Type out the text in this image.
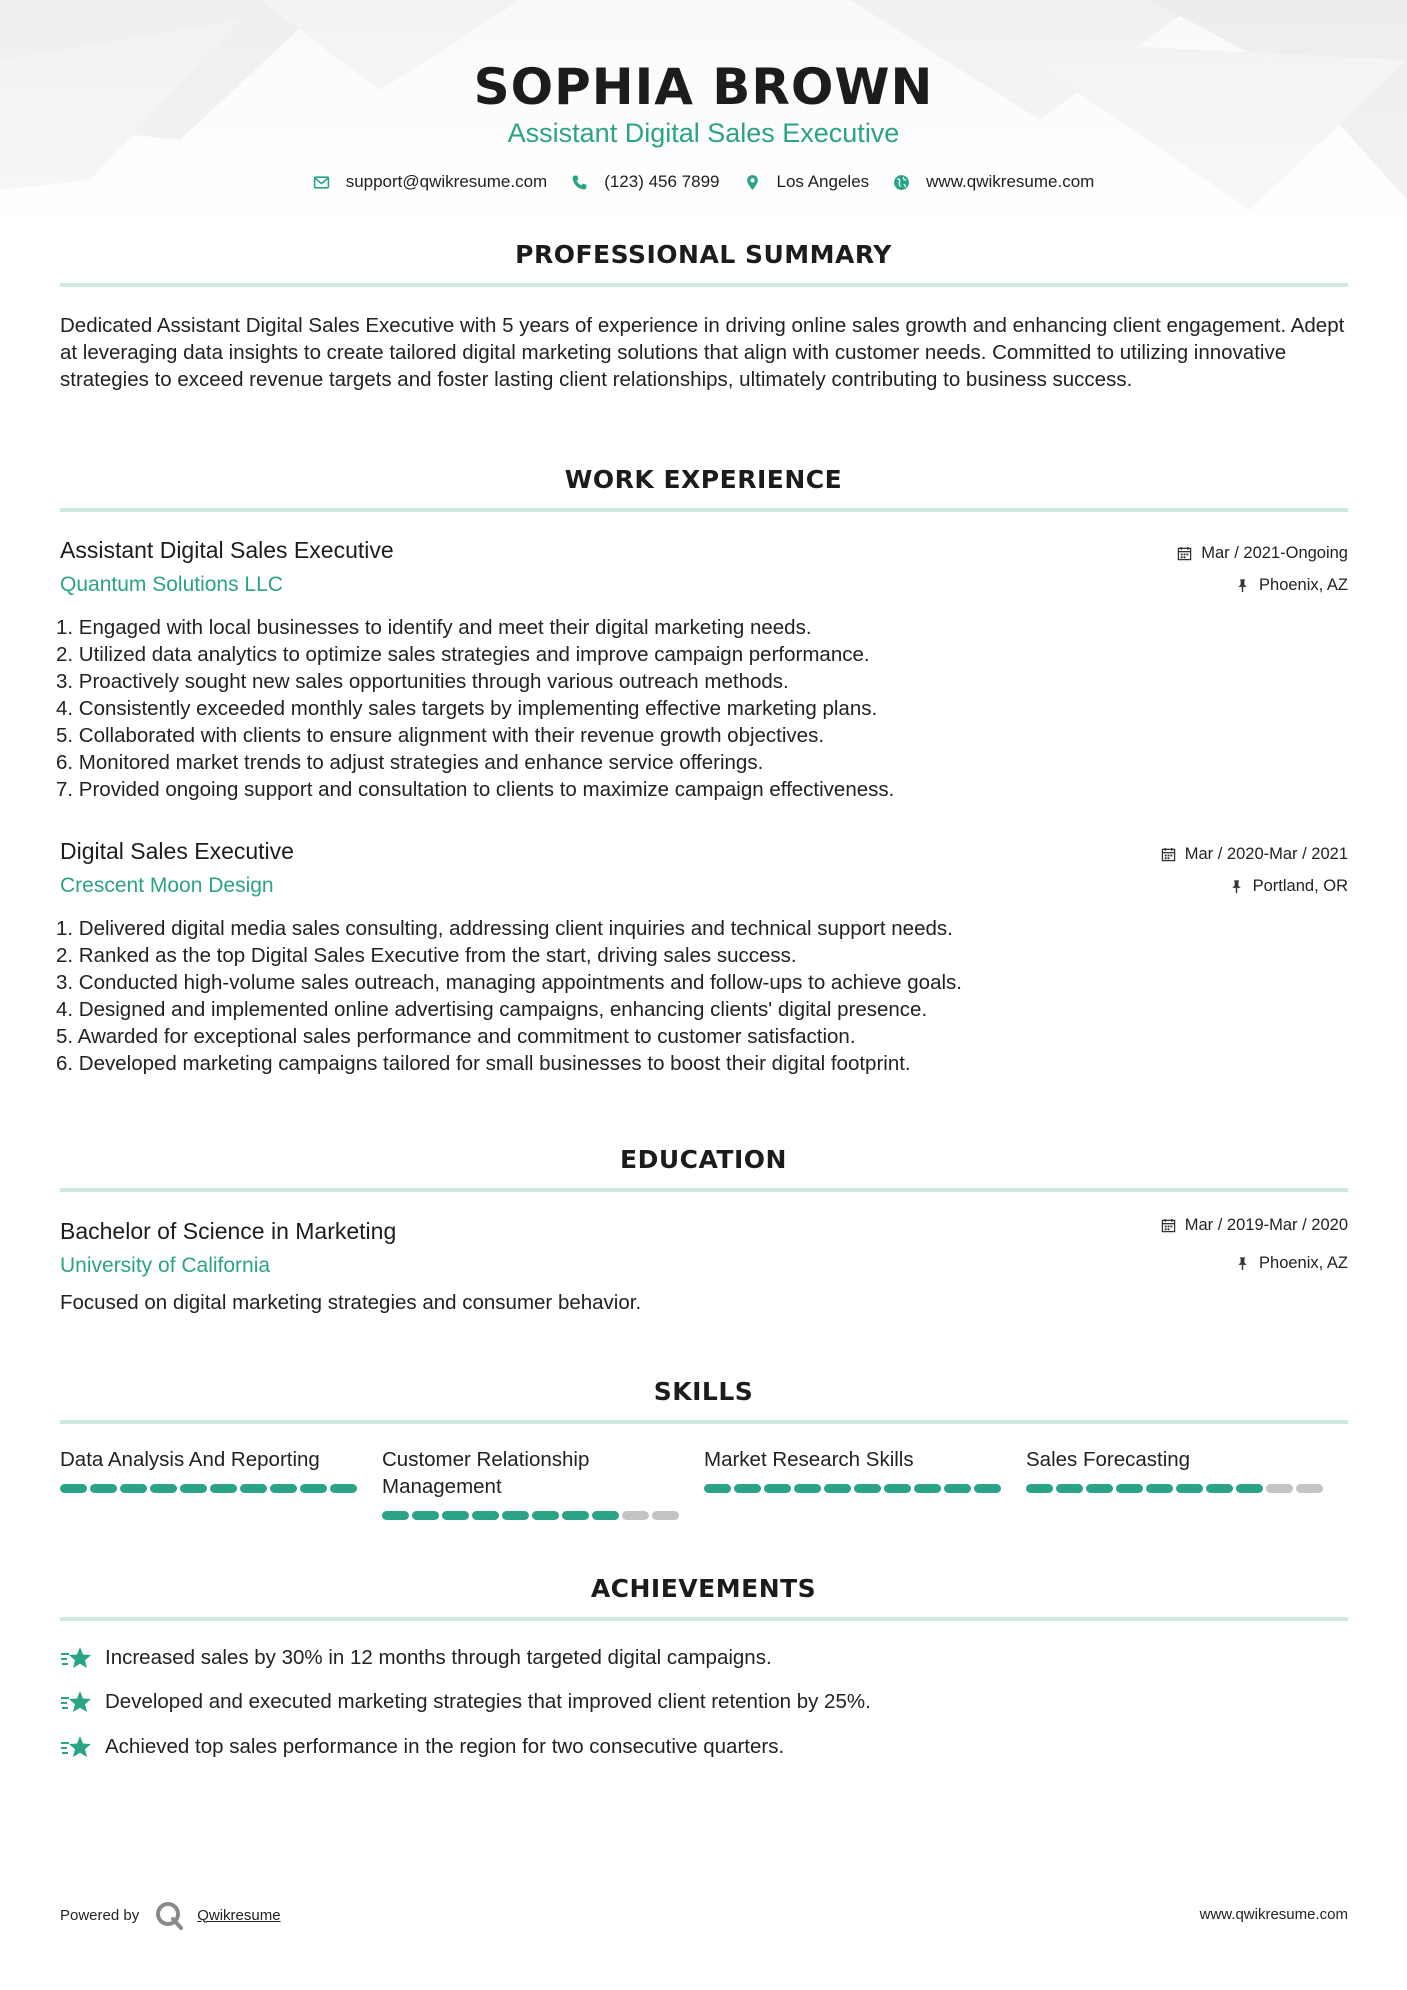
SOPHIA BROWN
Assistant Digital Sales Executive
support@qwikresume.com	(123) 456 7899	Los Angeles	www.qwikresume.com
PROFESSIONAL SUMMARY
Dedicated Assistant Digital Sales Executive with 5 years of experience in driving online sales growth and enhancing client engagement. Adept at leveraging data insights to create tailored digital marketing solutions that align with customer needs. Committed to utilizing innovative strategies to exceed revenue targets and foster lasting client relationships, ultimately contributing to business success.
WORK EXPERIENCE
Assistant Digital Sales Executive
Quantum Solutions LLC
Mar / 2021-Ongoing
Phoenix, AZ
1. Engaged with local businesses to identify and meet their digital marketing needs.
2. Utilized data analytics to optimize sales strategies and improve campaign performance.
3. Proactively sought new sales opportunities through various outreach methods.
4. Consistently exceeded monthly sales targets by implementing effective marketing plans.
5. Collaborated with clients to ensure alignment with their revenue growth objectives.
6. Monitored market trends to adjust strategies and enhance service offerings.
7. Provided ongoing support and consultation to clients to maximize campaign effectiveness.
Digital Sales Executive
Crescent Moon Design
Mar / 2020-Mar / 2021
Portland, OR
1. Delivered digital media sales consulting, addressing client inquiries and technical support needs.
2. Ranked as the top Digital Sales Executive from the start, driving sales success.
3. Conducted high-volume sales outreach, managing appointments and follow-ups to achieve goals.
4. Designed and implemented online advertising campaigns, enhancing clients' digital presence.
5. Awarded for exceptional sales performance and commitment to customer satisfaction.
6. Developed marketing campaigns tailored for small businesses to boost their digital footprint.
EDUCATION
Bachelor of Science in Marketing
University of California
Mar / 2019-Mar / 2020
Phoenix, AZ
Focused on digital marketing strategies and consumer behavior.
SKILLS
Data Analysis And Reporting	Customer Relationship Management
Market Research Skills	Sales Forecasting
ACHIEVEMENTS
Increased sales by 30% in 12 months through targeted digital campaigns.
Developed and executed marketing strategies that improved client retention by 25%.
Achieved top sales performance in the region for two consecutive quarters.
Powered by	Qwikresume	www.qwikresume.com
